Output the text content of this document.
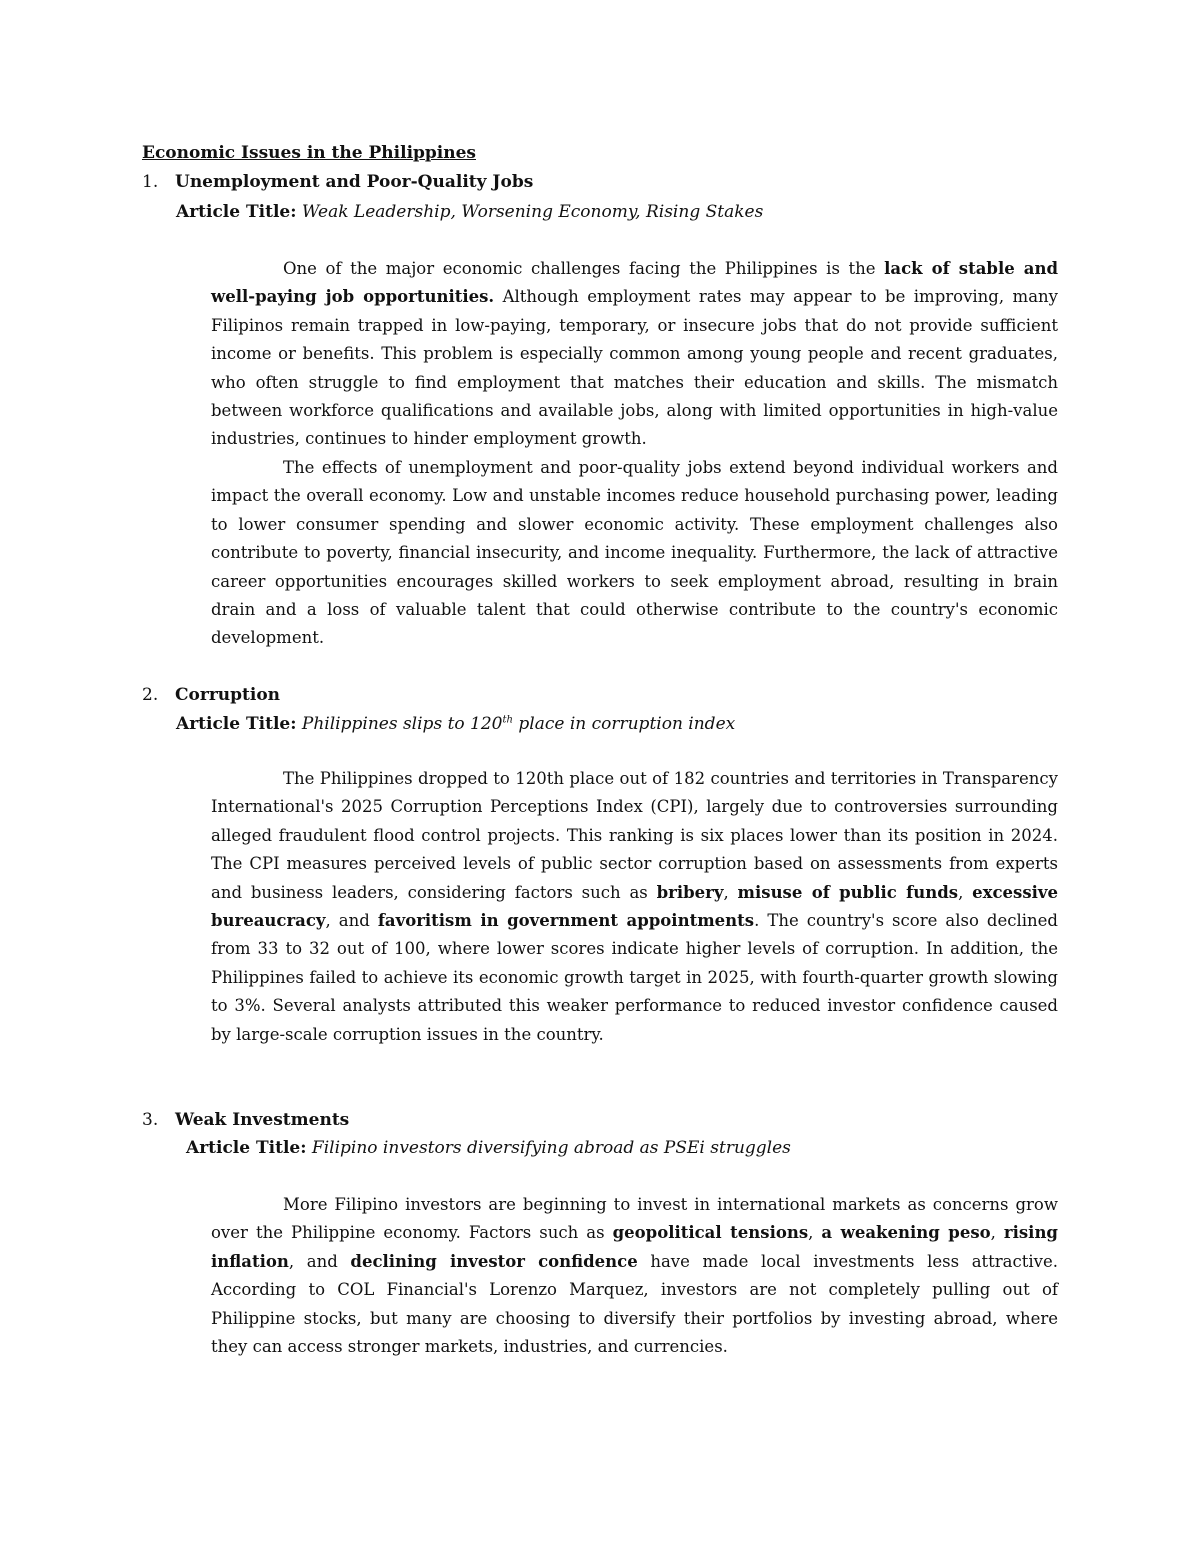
Economic Issues in the Philippines
1. Unemployment and Poor-Quality Jobs
Article Title: Weak Leadership, Worsening Economy, Rising Stakes

One of the major economic challenges facing the Philippines is the lack of stable and well-paying job opportunities. Although employment rates may appear to be improving, many Filipinos remain trapped in low-paying, temporary, or insecure jobs that do not provide sufficient income or benefits. This problem is especially common among young people and recent graduates, who often struggle to find employment that matches their education and skills. The mismatch between workforce qualifications and available jobs, along with limited opportunities in high-value industries, continues to hinder employment growth.

The effects of unemployment and poor-quality jobs extend beyond individual workers and impact the overall economy. Low and unstable incomes reduce household purchasing power, leading to lower consumer spending and slower economic activity. These employment challenges also contribute to poverty, financial insecurity, and income inequality. Furthermore, the lack of attractive career opportunities encourages skilled workers to seek employment abroad, resulting in brain drain and a loss of valuable talent that could otherwise contribute to the country's economic development.

2. Corruption
Article Title: Philippines slips to 120th place in corruption index

The Philippines dropped to 120th place out of 182 countries and territories in Transparency International's 2025 Corruption Perceptions Index (CPI), largely due to controversies surrounding alleged fraudulent flood control projects. This ranking is six places lower than its position in 2024. The CPI measures perceived levels of public sector corruption based on assessments from experts and business leaders, considering factors such as bribery, misuse of public funds, excessive bureaucracy, and favoritism in government appointments. The country's score also declined from 33 to 32 out of 100, where lower scores indicate higher levels of corruption. In addition, the Philippines failed to achieve its economic growth target in 2025, with fourth-quarter growth slowing to 3%. Several analysts attributed this weaker performance to reduced investor confidence caused by large-scale corruption issues in the country.

3. Weak Investments
Article Title: Filipino investors diversifying abroad as PSEi struggles

More Filipino investors are beginning to invest in international markets as concerns grow over the Philippine economy. Factors such as geopolitical tensions, a weakening peso, rising inflation, and declining investor confidence have made local investments less attractive. According to COL Financial's Lorenzo Marquez, investors are not completely pulling out of Philippine stocks, but many are choosing to diversify their portfolios by investing abroad, where they can access stronger markets, industries, and currencies.
